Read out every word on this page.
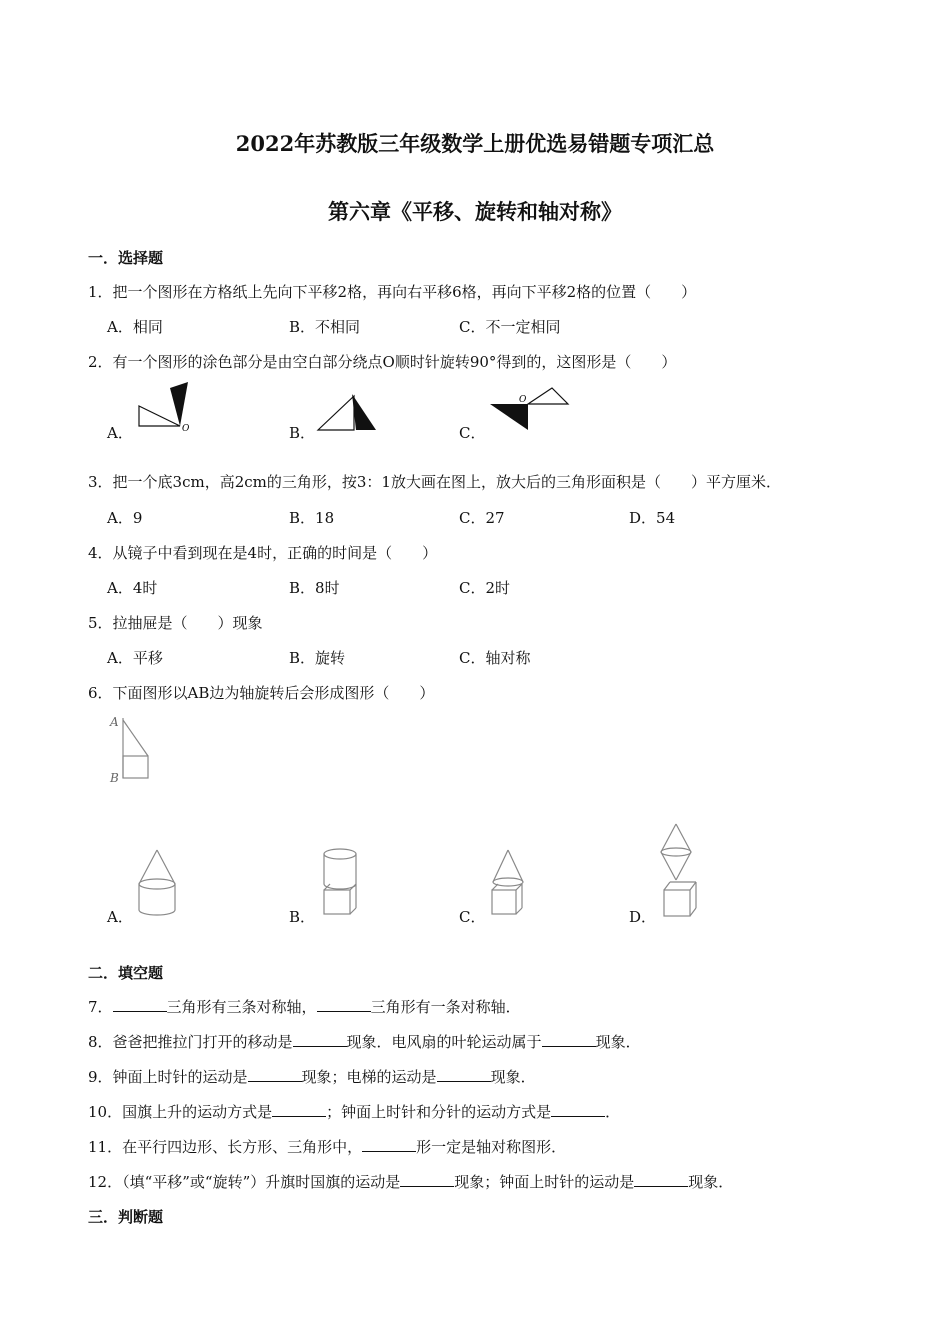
2022年苏教版三年级数学上册优选易错题专项汇总
第六章《平移、旋转和轴对称》
一．选择题
1．把一个图形在方格纸上先向下平移2格，再向右平移6格，再向下平移2格的位置（　　）
A．相同	B．不相同	C．不一定相同
2．有一个图形的涂色部分是由空白部分绕点O顺时针旋转90°得到的，这图形是（　　）
A．	B．	C．
O
O
3．把一个底3cm，高2cm的三角形，按3：1放大画在图上，放大后的三角形面积是（　　）平方厘米．
A．9	B．18	C．27	D．54
4．从镜子中看到现在是4时，正确的时间是（　　）
A．4时	B．8时	C．2时
5．拉抽屉是（　　）现象
A．平移	B．旋转	C．轴对称
6．下面图形以AB边为轴旋转后会形成图形（　　）
A
B
A．	B．	C．	D．
二．填空题
7．	三角形有三条对称轴，	三角形有一条对称轴．
8．爸爸把推拉门打开的移动是	现象．电风扇的叶轮运动属于	现象．
9．钟面上时针的运动是	现象；电梯的运动是	现象．
10．国旗上升的运动方式是	；钟面上时针和分针的运动方式是	．
11．在平行四边形、长方形、三角形中，	形一定是轴对称图形．
12．（填“平移”或“旋转”）升旗时国旗的运动是	现象；钟面上时针的运动是	现象．
三．判断题
